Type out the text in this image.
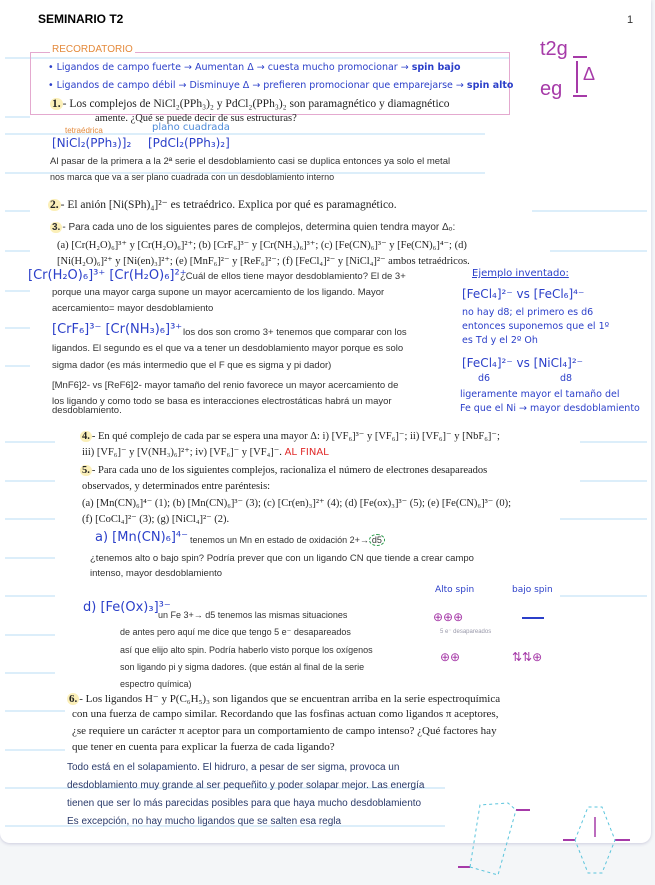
SEMINARIO T2	1
RECORDATORIO
• Ligandos de campo fuerte → Aumentan Δ → cuesta mucho promocionar → spin bajo
• Ligandos de campo débil → Disminuye Δ → prefieren promocionar que emparejarse → spin alto
t2g
eg
Δ
1. - Los complejos de NiCl₂(PPh₃)₂ y PdCl₂(PPh₃)₂ son paramagnético y diamagnético
amente. ¿Qué se puede decir de sus estructuras?
tetraédrica	plano cuadrada
[NiCl₂(PPh₃)]₂ [PdCl₂(PPh₃)₂]
Al pasar de la primera a la 2ª serie el desdoblamiento casi se duplica entonces ya solo el metal
nos marca que va a ser plano cuadrada con un desdoblamiento interno
2. - El anión [Ni(SPh)₄]²⁻ es tetraédrico. Explica por qué es paramagnético.
3. - Para cada uno de los siguientes pares de complejos, determina quien tendra mayor Δₒ:
(a) [Cr(H₂O)₆]³⁺ y [Cr(H₂O)₆]²⁺; (b) [CrF₆]³⁻ y [Cr(NH₃)₆]³⁺; (c) [Fe(CN)₆]³⁻ y [Fe(CN)₆]⁴⁻; (d)
[Ni(H₂O)₆]²⁺ y [Ni(en)₃]²⁺; (e) [MnF₆]²⁻ y [ReF₆]²⁻; (f) [FeCl₄]²⁻ y [NiCl₄]²⁻ ambos tetraédricos.
[Cr(H₂O)₆]³⁺ [Cr(H₂O)₆]²⁺
¿Cuál de ellos tiene mayor desdoblamiento? El de 3+
porque una mayor carga supone un mayor acercamiento de los ligando. Mayor
acercamiento= mayor desdoblamiento
[CrF₆]³⁻ [Cr(NH₃)₆]³⁺ los dos son cromo 3+ tenemos que comparar con los
ligandos. El segundo es el que va a tener un desdoblamiento mayor porque es solo
sigma dador (es más intermedio que el F que es sigma y pi dador)
[MnF6]2- vs [ReF6]2- mayor tamaño del renio favorece un mayor acercamiento de
los ligando y como todo se basa es interacciones electrostáticas habrá un mayor
desdoblamiento.
Ejemplo inventado:
[FeCl₄]²⁻ vs [FeCl₆]⁴⁻
no hay d8; el primero es d6
entonces suponemos que el 1º
es Td y el 2º Oh
[FeCl₄]²⁻ vs [NiCl₄]²⁻
d6	d8
ligeramente mayor el tamaño del
Fe que el Ni → mayor desdoblamiento
4. - En qué complejo de cada par se espera una mayor Δ: i) [VF₆]³⁻ y [VF₆]⁻; ii) [VF₆]⁻ y [NbF₆]⁻;
iii) [VF₆]⁻ y [V(NH₃)₆]²⁺; iv) [VF₆]⁻ y [VF₄]⁻. AL FINAL
5. - Para cada uno de los siguientes complejos, racionaliza el número de electrones desapareados
observados, y determinados entre paréntesis:
(a) [Mn(CN)₆]⁴⁻ (1); (b) [Mn(CN)₆]³⁻ (3); (c) [Cr(en)₃]²⁺ (4); (d) [Fe(ox)₃]³⁻ (5); (e) [Fe(CN)₆]³⁻ (0);
(f) [CoCl₄]²⁻ (3); (g) [NiCl₄]²⁻ (2).
a) [Mn(CN)₆]⁴⁻ tenemos un Mn en estado de oxidación 2+→ d5
¿tenemos alto o bajo spin? Podría prever que con un ligando CN que tiende a crear campo
intenso, mayor desdoblamiento
Alto spin	bajo spin
d) [Fe(Ox)₃]³⁻
un Fe 3+→ d5 tenemos las mismas situaciones
de antes pero aquí me dice que tengo 5 e⁻ desapareados
así que elijo alto spin. Podría haberlo visto porque los oxígenos
son ligando pi y sigma dadores. (que están al final de la serie
espectro química)
⊕⊕⊕
5 e⁻ desapareados
⊕⊕	⇅⇅⊕
6. - Los ligandos H⁻ y P(C₆H₅)₃ son ligandos que se encuentran arriba en la serie espectroquímica
con una fuerza de campo similar. Recordando que las fosfinas actuan como ligandos π aceptores,
¿se requiere un carácter π aceptor para un comportamiento de campo intenso? ¿Qué factores hay
que tener en cuenta para explicar la fuerza de cada ligando?
Todo está en el solapamiento. El hidruro, a pesar de ser sigma, provoca un
desdoblamiento muy grande al ser pequeñito y poder solapar mejor. Las energía
tienen que ser lo más parecidas posibles para que haya mucho desdoblamiento
Es excepción, no hay mucho ligandos que se salten esa regla
